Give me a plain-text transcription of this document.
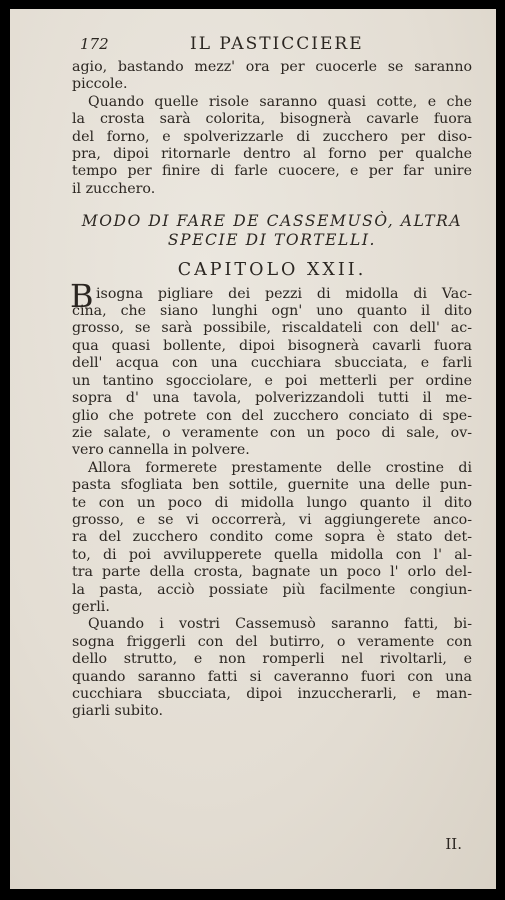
172	IL PASTICCIERE
agio, bastando mezz' ora per cuocerle se saranno
piccole.
Quando quelle risole saranno quasi cotte, e che
la crosta sarà colorita, bisognerà cavarle fuora
del forno, e spolverizzarle di zucchero per diso-
pra, dipoi ritornarle dentro al forno per qualche
tempo per finire di farle cuocere, e per far unire
il zucchero.
MODO DI FARE DE CASSEMUSÒ, ALTRA
SPECIE DI TORTELLI.
CAPITOLO XXII.
B isogna pigliare dei pezzi di midolla di Vac-
cina, che siano lunghi ogn' uno quanto il dito
grosso, se sarà possibile, riscaldateli con dell' ac-
qua quasi bollente, dipoi bisognerà cavarli fuora
dell' acqua con una cucchiara sbucciata, e farli
un tantino sgocciolare, e poi metterli per ordine
sopra d' una tavola, polverizzandoli tutti il me-
glio che potrete con del zucchero conciato di spe-
zie salate, o veramente con un poco di sale, ov-
vero cannella in polvere.
Allora formerete prestamente delle crostine di
pasta sfogliata ben sottile, guernite una delle pun-
te con un poco di midolla lungo quanto il dito
grosso, e se vi occorrerà, vi aggiungerete anco-
ra del zucchero condito come sopra è stato det-
to, di poi avvilupperete quella midolla con l' al-
tra parte della crosta, bagnate un poco l' orlo del-
la pasta, acciò possiate più facilmente congiun-
gerli.
Quando i vostri Cassemusò saranno fatti, bi-
sogna friggerli con del butirro, o veramente con
dello strutto, e non romperli nel rivoltarli, e
quando saranno fatti si caveranno fuori con una
cucchiara sbucciata, dipoi inzuccherarli, e man-
giarli subito.
II.
